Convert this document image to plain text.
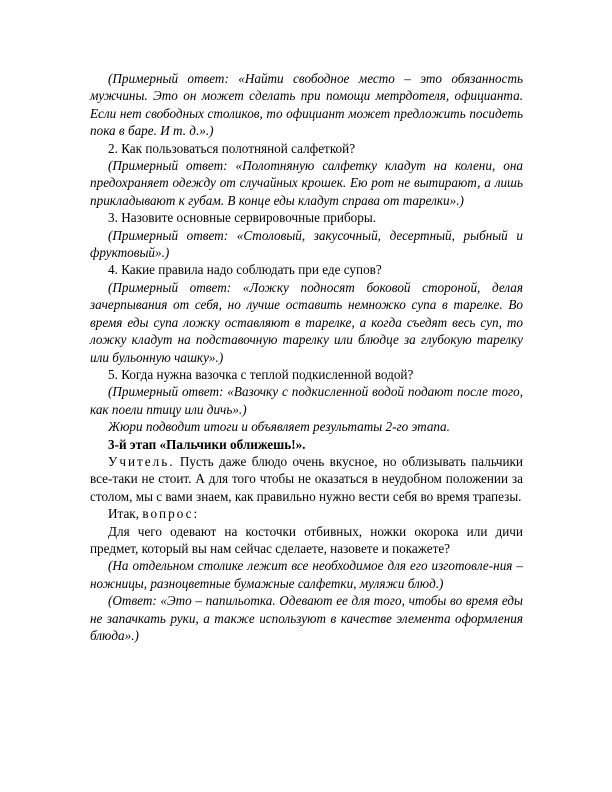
(Примерный ответ: «Найти свободное место – это обязанность мужчины. Это он может сделать при помощи метрдотеля, официанта. Если нет свободных столиков, то официант может предложить посидеть пока в баре. И т. д.».)

2. Как пользоваться полотняной салфеткой?

(Примерный ответ: «Полотняную салфетку кладут на колени, она предохраняет одежду от случайных крошек. Ею рот не вытирают, а лишь прикладывают к губам. В конце еды кладут справа от тарелки».)

3. Назовите основные сервировочные приборы.

(Примерный ответ: «Столовый, закусочный, десертный, рыбный и фруктовый».)

4. Какие правила надо соблюдать при еде супов?

(Примерный ответ: «Ложку подносят боковой стороной, делая зачерпывания от себя, но лучше оставить немножко супа в тарелке. Во время еды супа ложку оставляют в тарелке, а когда съедят весь суп, то ложку кладут на подставочную тарелку или блюдце за глубокую тарелку или бульонную чашку».)

5. Когда нужна вазочка с теплой подкисленной водой?

(Примерный ответ: «Вазочку с подкисленной водой подают после того, как поели птицу или дичь».)

Жюри подводит итоги и объявляет результаты 2-го этапа.

3-й этап «Пальчики оближешь!».

Учитель. Пусть даже блюдо очень вкусное, но облизывать пальчики все-таки не стоит. А для того чтобы не оказаться в неудобном положении за столом, мы с вами знаем, как правильно нужно вести себя во время трапезы.

Итак, вопрос:

Для чего одевают на косточки отбивных, ножки окорока или дичи предмет, который вы нам сейчас сделаете, назовете и покажете?

(На отдельном столике лежит все необходимое для его изготовле-ния – ножницы, разноцветные бумажные салфетки, муляжи блюд.)

(Ответ: «Это – папильотка. Одевают ее для того, чтобы во время еды не запачкать руки, а также используют в качестве элемента оформления блюда».)
